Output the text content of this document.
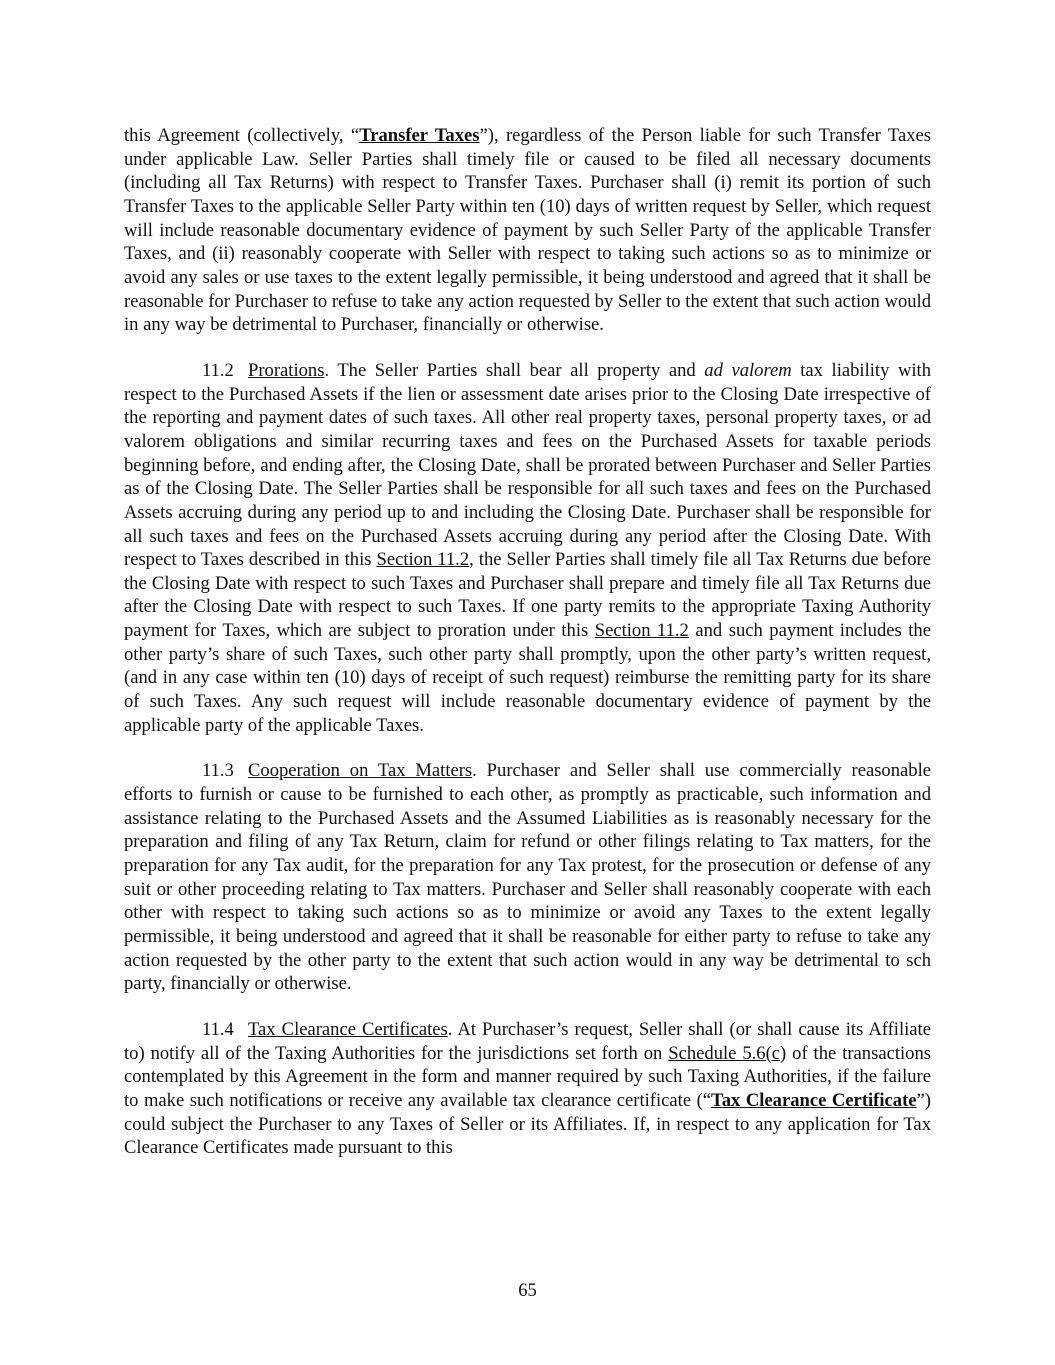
this Agreement (collectively, “Transfer Taxes”), regardless of the Person liable for such Transfer Taxes under applicable Law. Seller Parties shall timely file or caused to be filed all necessary documents (including all Tax Returns) with respect to Transfer Taxes. Purchaser shall (i) remit its portion of such Transfer Taxes to the applicable Seller Party within ten (10) days of written request by Seller, which request will include reasonable documentary evidence of payment by such Seller Party of the applicable Transfer Taxes, and (ii) reasonably cooperate with Seller with respect to taking such actions so as to minimize or avoid any sales or use taxes to the extent legally permissible, it being understood and agreed that it shall be reasonable for Purchaser to refuse to take any action requested by Seller to the extent that such action would in any way be detrimental to Purchaser, financially or otherwise.

11.2 Prorations. The Seller Parties shall bear all property and ad valorem tax liability with respect to the Purchased Assets if the lien or assessment date arises prior to the Closing Date irrespective of the reporting and payment dates of such taxes. All other real property taxes, personal property taxes, or ad valorem obligations and similar recurring taxes and fees on the Purchased Assets for taxable periods beginning before, and ending after, the Closing Date, shall be prorated between Purchaser and Seller Parties as of the Closing Date. The Seller Parties shall be responsible for all such taxes and fees on the Purchased Assets accruing during any period up to and including the Closing Date. Purchaser shall be responsible for all such taxes and fees on the Purchased Assets accruing during any period after the Closing Date. With respect to Taxes described in this Section 11.2, the Seller Parties shall timely file all Tax Returns due before the Closing Date with respect to such Taxes and Purchaser shall prepare and timely file all Tax Returns due after the Closing Date with respect to such Taxes. If one party remits to the appropriate Taxing Authority payment for Taxes, which are subject to proration under this Section 11.2 and such payment includes the other party’s share of such Taxes, such other party shall promptly, upon the other party’s written request, (and in any case within ten (10) days of receipt of such request) reimburse the remitting party for its share of such Taxes. Any such request will include reasonable documentary evidence of payment by the applicable party of the applicable Taxes.

11.3 Cooperation on Tax Matters. Purchaser and Seller shall use commercially reasonable efforts to furnish or cause to be furnished to each other, as promptly as practicable, such information and assistance relating to the Purchased Assets and the Assumed Liabilities as is reasonably necessary for the preparation and filing of any Tax Return, claim for refund or other filings relating to Tax matters, for the preparation for any Tax audit, for the preparation for any Tax protest, for the prosecution or defense of any suit or other proceeding relating to Tax matters. Purchaser and Seller shall reasonably cooperate with each other with respect to taking such actions so as to minimize or avoid any Taxes to the extent legally permissible, it being understood and agreed that it shall be reasonable for either party to refuse to take any action requested by the other party to the extent that such action would in any way be detrimental to sch party, financially or otherwise.

11.4 Tax Clearance Certificates. At Purchaser’s request, Seller shall (or shall cause its Affiliate to) notify all of the Taxing Authorities for the jurisdictions set forth on Schedule 5.6(c) of the transactions contemplated by this Agreement in the form and manner required by such Taxing Authorities, if the failure to make such notifications or receive any available tax clearance certificate (“Tax Clearance Certificate”) could subject the Purchaser to any Taxes of Seller or its Affiliates. If, in respect to any application for Tax Clearance Certificates made pursuant to this

65
